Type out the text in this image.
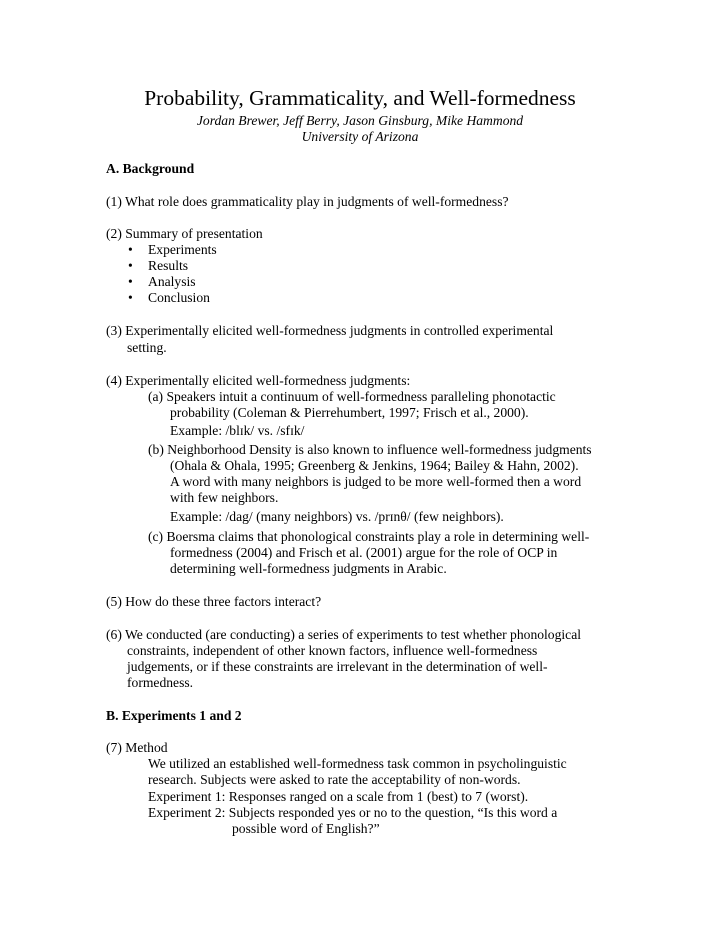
Probability, Grammaticality, and Well-formedness
Jordan Brewer, Jeff Berry, Jason Ginsburg, Mike Hammond
University of Arizona
A. Background
(1) What role does grammaticality play in judgments of well-formedness?
(2) Summary of presentation
• Experiments
• Results
• Analysis
• Conclusion
(3) Experimentally elicited well-formedness judgments in controlled experimental
setting.
(4) Experimentally elicited well-formedness judgments:
(a) Speakers intuit a continuum of well-formedness paralleling phonotactic
probability (Coleman & Pierrehumbert, 1997; Frisch et al., 2000).
Example: /blɪk/ vs. /sfɪk/
(b) Neighborhood Density is also known to influence well-formedness judgments
(Ohala & Ohala, 1995; Greenberg & Jenkins, 1964; Bailey & Hahn, 2002).
A word with many neighbors is judged to be more well-formed then a word
with few neighbors.
Example: /dag/ (many neighbors) vs. /prɪnθ/ (few neighbors).
(c) Boersma claims that phonological constraints play a role in determining well-
formedness (2004) and Frisch et al. (2001) argue for the role of OCP in
determining well-formedness judgments in Arabic.
(5) How do these three factors interact?
(6) We conducted (are conducting) a series of experiments to test whether phonological
constraints, independent of other known factors, influence well-formedness
judgements, or if these constraints are irrelevant in the determination of well-
formedness.
B. Experiments 1 and 2
(7) Method
We utilized an established well-formedness task common in psycholinguistic
research. Subjects were asked to rate the acceptability of non-words.
Experiment 1: Responses ranged on a scale from 1 (best) to 7 (worst).
Experiment 2: Subjects responded yes or no to the question, “Is this word a
possible word of English?”
